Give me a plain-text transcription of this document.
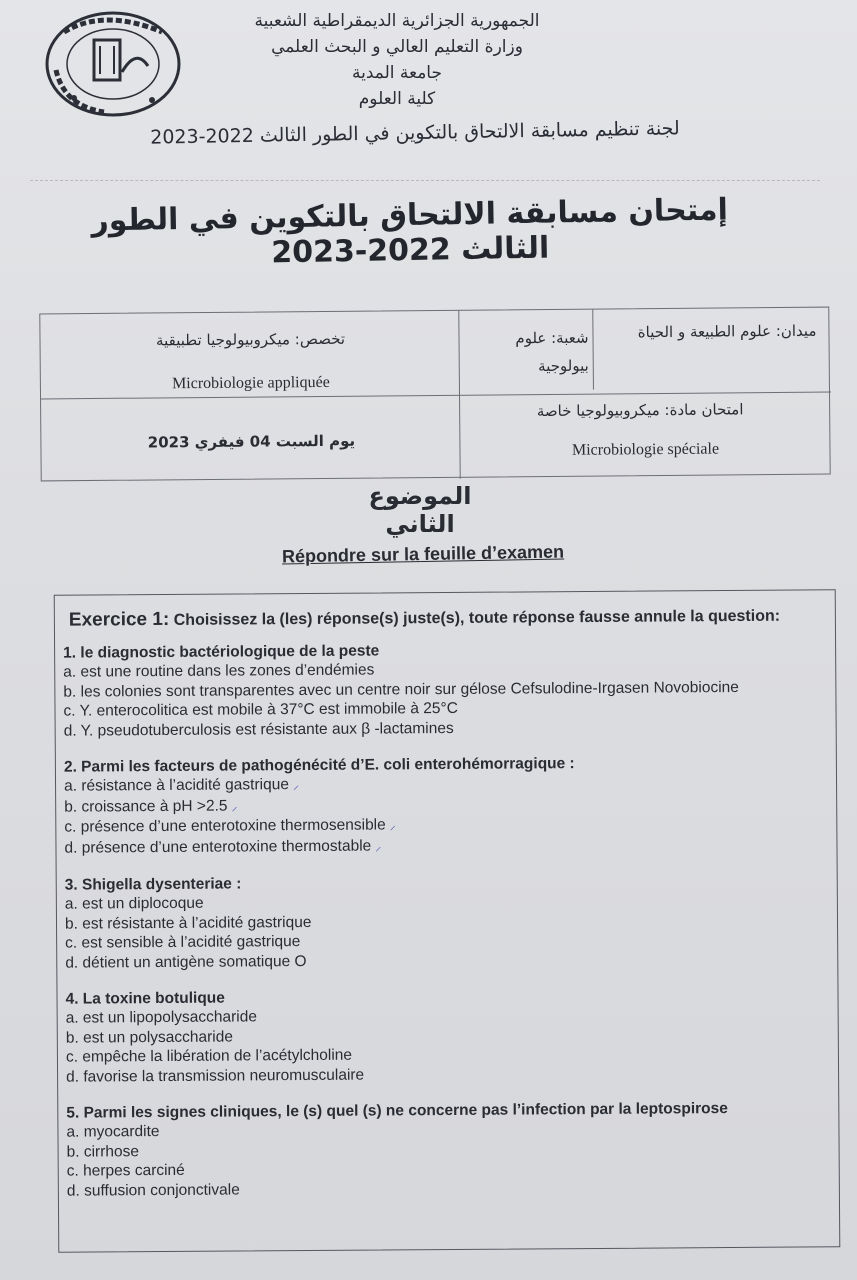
الجمهورية الجزائرية الديمقراطية الشعبية
وزارة التعليم العالي و البحث العلمي
جامعة المدية
كلية العلوم
لجنة تنظيم مسابقة الالتحاق بالتكوين في الطور الثالث 2022-2023
إمتحان مسابقة الالتحاق بالتكوين في الطور الثالث 2022-2023
ميدان: علوم الطبيعة و الحياة
شعبة: علوم
بيولوجية
تخصص: ميكروبيولوجيا تطبيقية
Microbiologie appliquée
امتحان مادة: ميكروبيولوجيا خاصة
Microbiologie spéciale
يوم السبت 04 فيفري 2023
الموضوع الثاني
Répondre sur la feuille d’examen
Exercice 1: Choisissez la (les) réponse(s) juste(s), toute réponse fausse annule la question:
1. le diagnostic bactériologique de la peste
a. est une routine dans les zones d’endémies
b. les colonies sont transparentes avec un centre noir sur gélose Cefsulodine-Irgasen Novobiocine
c. Y. enterocolitica est mobile à 37°C est immobile à 25°C
d. Y. pseudotuberculosis est résistante aux β -lactamines
2. Parmi les facteurs de pathogénécité d’E. coli enterohémorragique :
a. résistance à l’acidité gastrique ⸝
b. croissance à pH >2.5 ⸝
c. présence d’une enterotoxine thermosensible ⸝
d. présence d’une enterotoxine thermostable ⸝
3. Shigella dysenteriae :
a. est un diplocoque
b. est résistante à l’acidité gastrique
c. est sensible à l’acidité gastrique
d. détient un antigène somatique O
4. La toxine botulique
a. est un lipopolysaccharide
b. est un polysaccharide
c. empêche la libération de l’acétylcholine
d. favorise la transmission neuromusculaire
5. Parmi les signes cliniques, le (s) quel (s) ne concerne pas l’infection par la leptospirose
a. myocardite
b. cirrhose
c. herpes carciné
d. suffusion conjonctivale
